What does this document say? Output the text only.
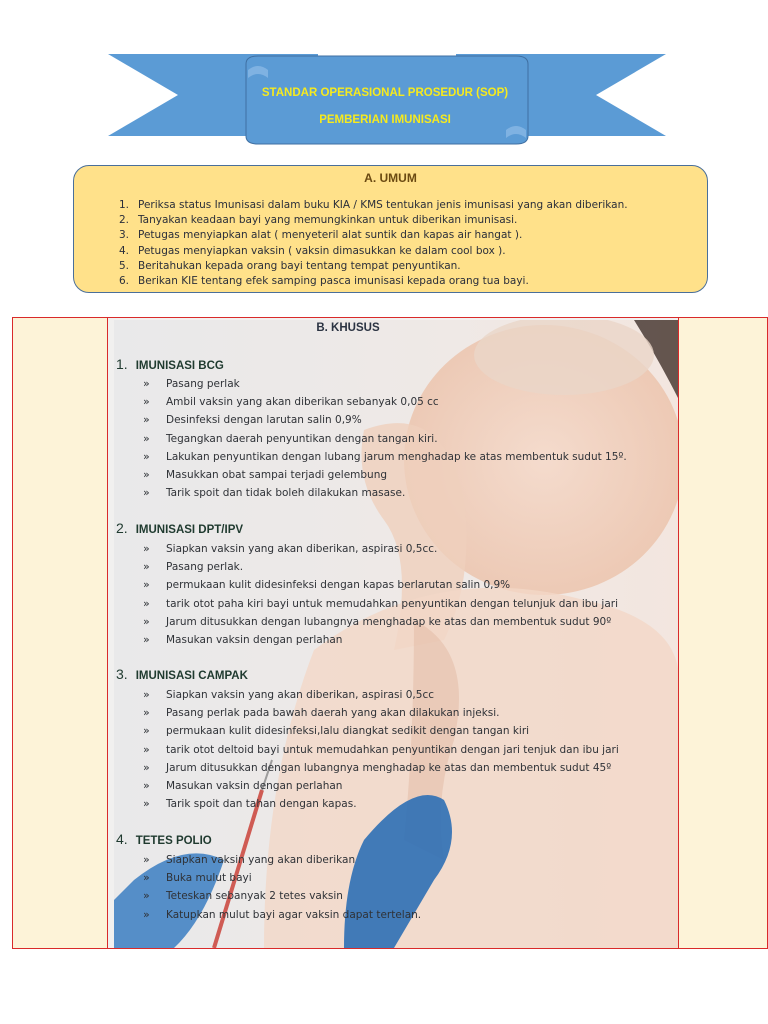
STANDAR OPERASIONAL PROSEDUR (SOP)
PEMBERIAN IMUNISASI
A. UMUM
1. Periksa status Imunisasi dalam buku KIA / KMS tentukan jenis imunisasi yang akan diberikan.
2. Tanyakan keadaan bayi yang memungkinkan untuk diberikan imunisasi.
3. Petugas menyiapkan alat ( menyeteril alat suntik dan kapas air hangat ).
4. Petugas menyiapkan vaksin ( vaksin dimasukkan ke dalam cool box ).
5. Beritahukan kepada orang bayi tentang tempat penyuntikan.
6. Berikan KIE tentang efek samping pasca imunisasi kepada orang tua bayi.
B. KHUSUS
1. IMUNISASI BCG
» Pasang perlak
» Ambil vaksin yang akan diberikan sebanyak 0,05 cc
» Desinfeksi dengan larutan salin 0,9%
» Tegangkan daerah penyuntikan dengan tangan kiri.
» Lakukan penyuntikan dengan lubang jarum menghadap ke atas membentuk sudut 15º.
» Masukkan obat sampai terjadi gelembung
» Tarik spoit dan tidak boleh dilakukan masase.
2. IMUNISASI DPT/IPV
» Siapkan vaksin yang akan diberikan, aspirasi 0,5cc.
» Pasang perlak.
» permukaan kulit didesinfeksi dengan kapas berlarutan salin 0,9%
» tarik otot paha kiri bayi untuk memudahkan penyuntikan dengan telunjuk dan ibu jari
» Jarum ditusukkan dengan lubangnya menghadap ke atas dan membentuk sudut 90º
» Masukan vaksin dengan perlahan
3. IMUNISASI CAMPAK
» Siapkan vaksin yang akan diberikan, aspirasi 0,5cc
» Pasang perlak pada bawah daerah yang akan dilakukan injeksi.
» permukaan kulit didesinfeksi,lalu diangkat sedikit dengan tangan kiri
» tarik otot deltoid bayi untuk memudahkan penyuntikan dengan jari tenjuk dan ibu jari
» Jarum ditusukkan dengan lubangnya menghadap ke atas dan membentuk sudut 45º
» Masukan vaksin dengan perlahan
» Tarik spoit dan tahan dengan kapas.
4. TETES POLIO
» Siapkan vaksin yang akan diberikan
» Buka mulut bayi
» Teteskan sebanyak 2 tetes vaksin
» Katupkan mulut bayi agar vaksin dapat tertelan.
